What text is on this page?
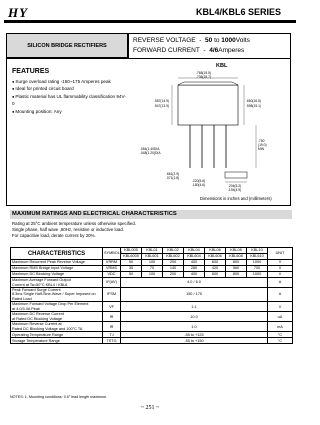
HY	KBL4/KBL6 SERIES
SILICON BRIDGE RECTIFIERS
REVERSE VOLTAGE  -  50 to 1000Volts
FORWARD CURRENT  -  4/6Amperes
FEATURES
● Surge overload rating -150~175 Amperes peak
● Ideal for printed circuit board
● Plastic material has UL flammability classification 94V-0
● Mounting position: Any
KBL
.768(19.5)
.736(18.7)
.587(14.9)
.547(13.9)
.650(16.5)
.598(15.1)
.750
(19.0)
MIN
.054(1.40DIA
.048(1.20)DIA
.661(2.9)
.071(1.8)
.220(5.6)
.180(4.6)	.204(5.2)
.194(4.9)
Dimensions in inches and (millimeters)
MAXIMUM RATINGS AND ELECTRICAL CHARACTERISTICS
Rating at 25°C ambient temperature unless otherwise specified.
Single phase, half wave ,60Hz, resistive or inductive load.
For capacitive load, derate current by 20%.
CHARACTERISTICS	SYMBOLS	KBL005	KBL01	KBL02	KBL04	KBL06	KBL08	KBL10	UNIT
		KBL6005	KBL601	KBL602	KBL604	KBL606	KBL608	KBL610	
Maximum Recurrent Peak Reverse Voltage	VRRM	50	100	200	400	600	800	1000	V
Maximum RMS Bridge Input Voltage	VRMS	35	70	140	280	420	560	700	V
Maximum DC Blocking Voltage	VDC	50	100	200	400	600	800	1000	V

Maximum Average Forward Output
Current at Ta=50°C KBL4 / KBL6	IF(AV)	4.0 / 6.0							A

Peak Forward Surge Current
8.3ms Single Half-Sine-Wave / Super Imposed on Rated Load	IFSM	150 / 175							A

Maximum Forward Voltage Drop Per Element
at 4.0/3.0A Peak	VF	1.1							V

Maximum DC Reverse Current
at Rated DC Blocking Voltage	IR	10.0							uA

Maximum Reverse Current at
Rated DC Blocking Voltage and 100°C TA	IR	1.0							mA
Operating Temperature Range	TJ	-55 to +125							°C
Storage Temperature Range	TSTG	-55 to +150							°C
NOTES: 1. Mounting conditions: 0.5" lead length maximum.
~ 251 ~
